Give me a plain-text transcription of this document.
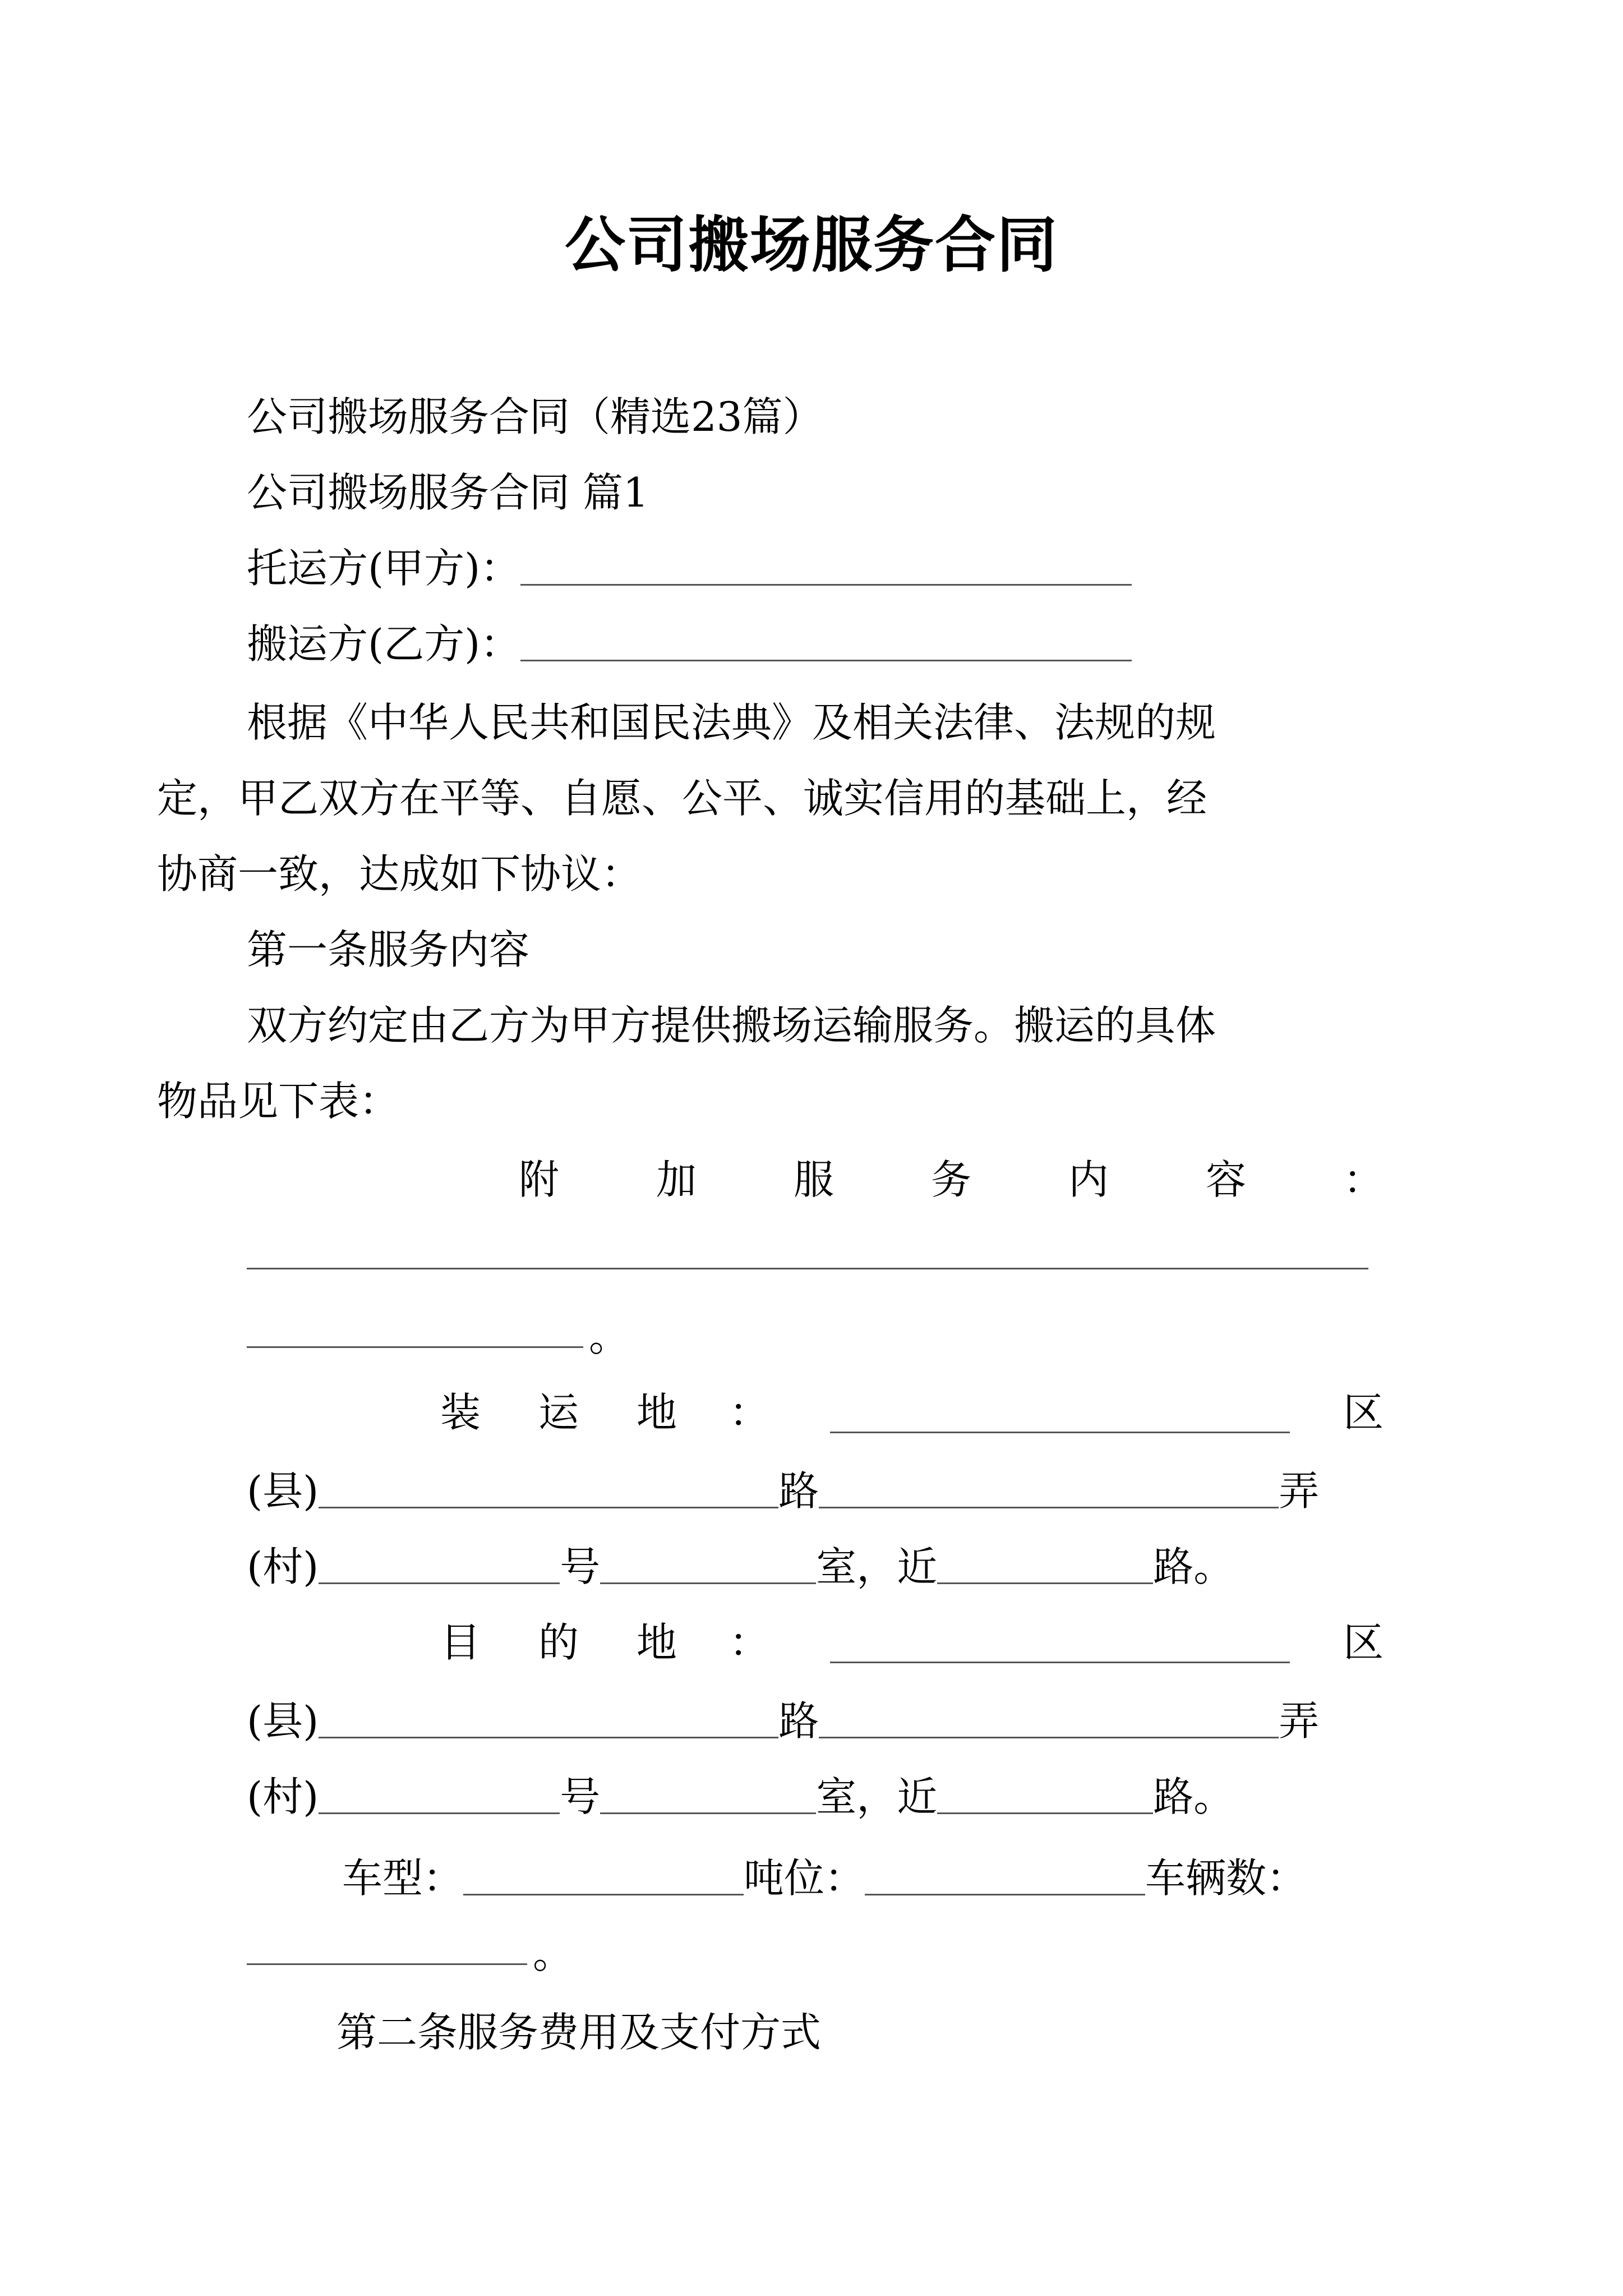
公司搬场服务合同
公司搬场服务合同（精选23篇）
公司搬场服务合同 篇1
托运方(甲方)：
搬运方(乙方)：
根据《中华人民共和国民法典》及相关法律、法规的规
定，甲乙双方在平等、自愿、公平、诚实信用的基础上，经
协商一致，达成如下协议：
第一条服务内容
双方约定由乙方为甲方提供搬场运输服务。搬运的具体
物品见下表：
附 加 服 务 内 容 ：
。
装 运 地 ：	区
(县)	路	弄
(村)	号	室，近	路。
目 的 地 ：	区
(县)	路	弄
(村)	号	室，近	路。
车型：	吨位：	车辆数：
。
第二条服务费用及支付方式
